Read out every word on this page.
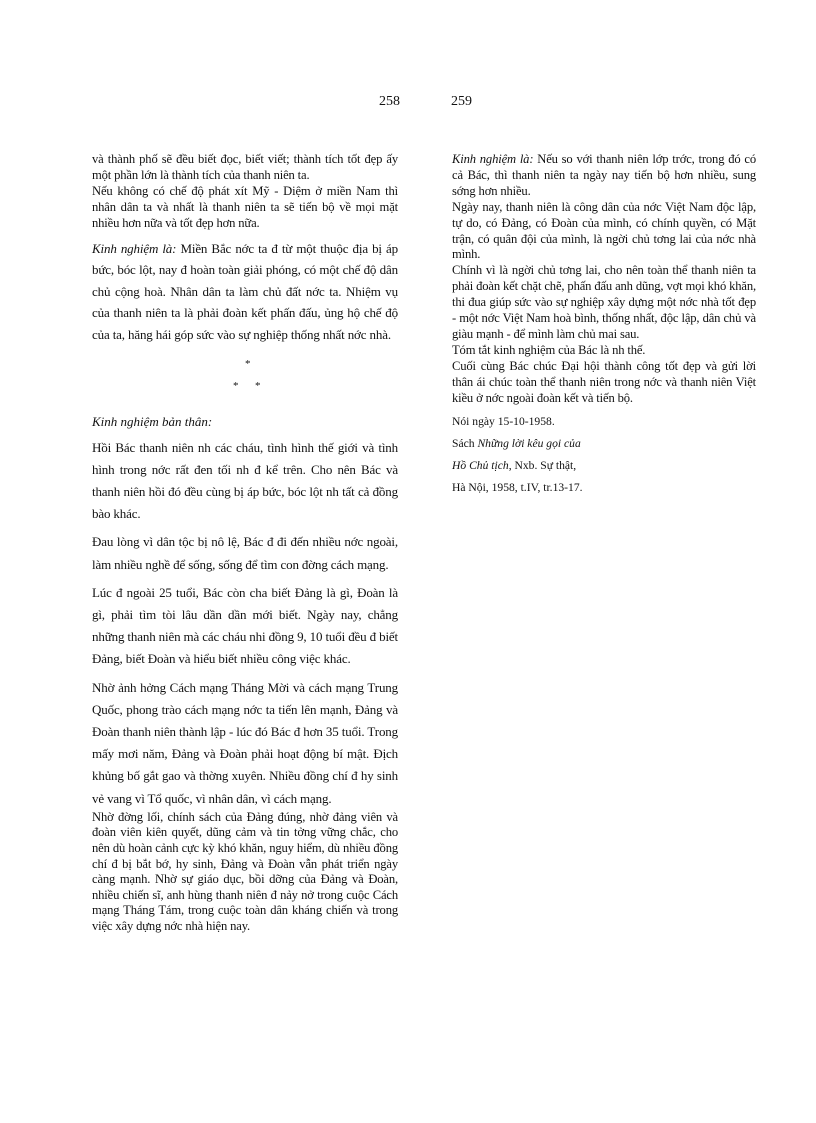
258	259

và thành phố sẽ đều biết đọc, biết viết; thành tích tốt đẹp ấy một phần lớn là thành tích của thanh niên ta.

Nếu không có chế độ phát xít Mỹ - Diệm ở miền Nam thì nhân dân ta và nhất là thanh niên ta sẽ tiến bộ về mọi mặt nhiều hơn nữa và tốt đẹp hơn nữa.

Kinh nghiệm là: Miền Bắc nớc ta đ từ một thuộc địa bị áp bức, bóc lột, nay đ hoàn toàn giải phóng, có một chế độ dân chủ cộng hoà. Nhân dân ta làm chủ đất nớc ta. Nhiệm vụ của thanh niên ta là phải đoàn kết phấn đấu, ủng hộ chế độ của ta, hăng hái góp sức vào sự nghiệp thống nhất nớc nhà.

*
* *

Kinh nghiệm bản thân:

Hồi Bác thanh niên nh các cháu, tình hình thế giới và tình hình trong nớc rất đen tối nh đ kể trên. Cho nên Bác và thanh niên hồi đó đều cùng bị áp bức, bóc lột nh tất cả đồng bào khác.

Đau lòng vì dân tộc bị nô lệ, Bác đ đi đến nhiều nớc ngoài, làm nhiều nghề để sống, sống để tìm con đờng cách mạng.

Lúc đ ngoài 25 tuổi, Bác còn cha biết Đảng là gì, Đoàn là gì, phải tìm tòi lâu dần dần mới biết. Ngày nay, chẳng những thanh niên mà các cháu nhi đồng 9, 10 tuổi đều đ biết Đảng, biết Đoàn và hiểu biết nhiều công việc khác.

Nhờ ảnh hởng Cách mạng Tháng Mời và cách mạng Trung Quốc, phong trào cách mạng nớc ta tiến lên mạnh, Đảng và Đoàn thanh niên thành lập - lúc đó Bác đ hơn 35 tuổi. Trong mấy mơi năm, Đảng và Đoàn phải hoạt động bí mật. Địch khủng bố gắt gao và thờng xuyên. Nhiều đồng chí đ hy sinh vẻ vang vì Tổ quốc, vì nhân dân, vì cách mạng.

Nhờ đờng lối, chính sách của Đảng đúng, nhờ đảng viên và đoàn viên kiên quyết, dũng cảm và tin tởng vững chắc, cho nên dù hoàn cảnh cực kỳ khó khăn, nguy hiểm, dù nhiều đồng chí đ bị bắt bớ, hy sinh, Đảng và Đoàn vẫn phát triển ngày càng mạnh. Nhờ sự giáo dục, bồi dỡng của Đảng và Đoàn, nhiều chiến sĩ, anh hùng thanh niên đ nảy nở trong cuộc Cách mạng Tháng Tám, trong cuộc toàn dân kháng chiến và trong việc xây dựng nớc nhà hiện nay.

Kinh nghiệm là: Nếu so với thanh niên lớp trớc, trong đó có cả Bác, thì thanh niên ta ngày nay tiến bộ hơn nhiều, sung sớng hơn nhiều.

Ngày nay, thanh niên là công dân của nớc Việt Nam độc lập, tự do, có Đảng, có Đoàn của mình, có chính quyền, có Mặt trận, có quân đội của mình, là ngời chủ tơng lai của nớc nhà mình.

Chính vì là ngời chủ tơng lai, cho nên toàn thể thanh niên ta phải đoàn kết chặt chẽ, phấn đấu anh dũng, vợt mọi khó khăn, thi đua giúp sức vào sự nghiệp xây dựng một nớc nhà tốt đẹp - một nớc Việt Nam hoà bình, thống nhất, độc lập, dân chủ và giàu mạnh - để mình làm chủ mai sau.

Tóm tắt kinh nghiệm của Bác là nh thế.

Cuối cùng Bác chúc Đại hội thành công tốt đẹp và gửi lời thân ái chúc toàn thể thanh niên trong nớc và thanh niên Việt kiều ở nớc ngoài đoàn kết và tiến bộ.

Nói ngày 15-10-1958.

Sách Những lời kêu gọi của

Hồ Chủ tịch, Nxb. Sự thật,

Hà Nội, 1958, t.IV, tr.13-17.
